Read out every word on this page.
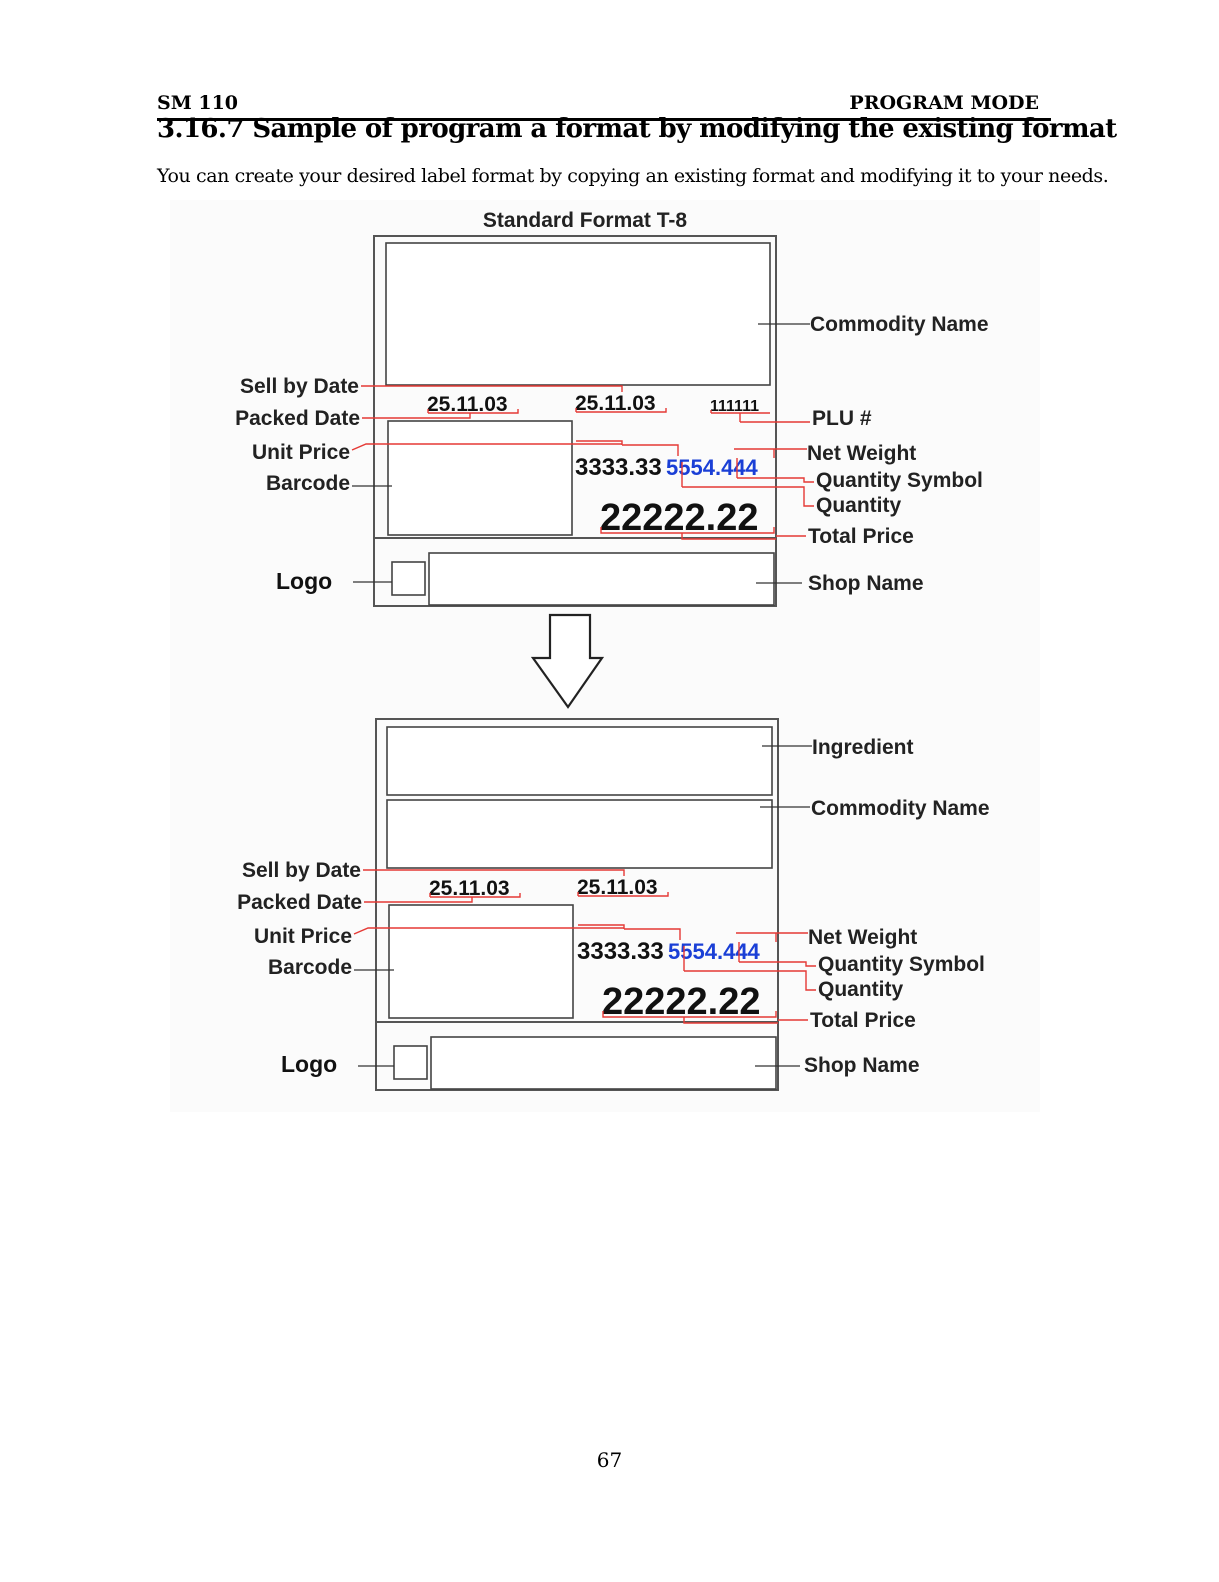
SM 110	PROGRAM MODE
3.16.7 Sample of program a format by modifying the existing format

You can create your desired label format by copying an existing format and modifying it to your needs.

Standard Format T-8
25.11.03	25.11.03	111111
3333.33 5554.444
22222.22
Sell by Date
Packed Date
Unit Price
Barcode
Logo
Commodity Name
PLU #
Net Weight
Quantity Symbol
Quantity
Total Price
Shop Name
25.11.03	25.11.03
3333.33 5554.444
22222.22
Sell by Date
Packed Date
Unit Price
Barcode
Logo
Ingredient
Commodity Name
Net Weight
Quantity Symbol
Quantity
Total Price
Shop Name
67
